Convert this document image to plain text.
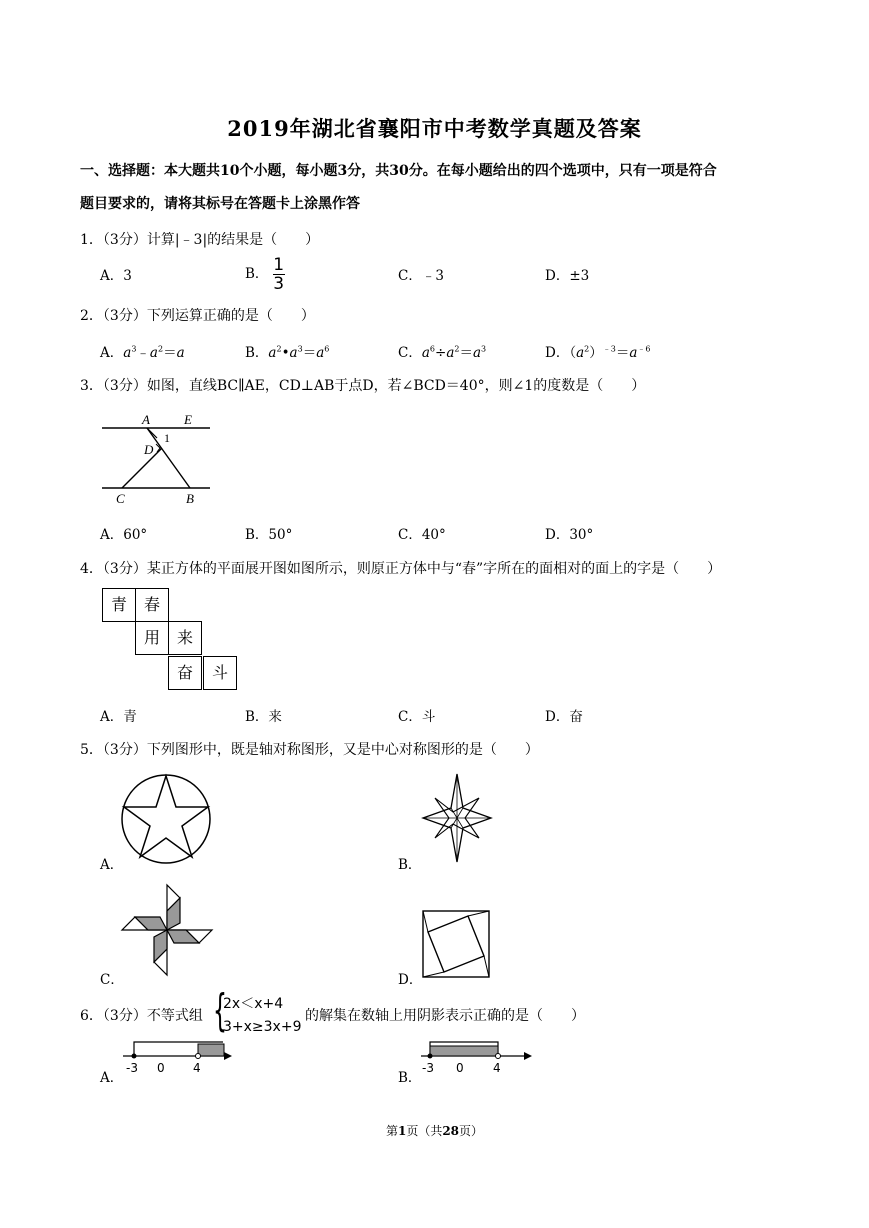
2019年湖北省襄阳市中考数学真题及答案
一、选择题：本大题共10个小题，每小题3分，共30分。在每小题给出的四个选项中，只有一项是符合
题目要求的，请将其标号在答题卡上涂黑作答
1．（3分）计算|﹣3|的结果是（　　）
A．3	B． $\frac{1}{3}$	C．﹣3	D．±3
2．（3分）下列运算正确的是（　　）
A．$a^3﹣a^2=a$	B．$a^2•a^3=a^6$	C．$a^6\div a^2=a^3$	D．$(a^2)^{﹣3}=a^{﹣6}$
3．（3分）如图，直线BC∥AE，CD⊥AB于点D，若∠BCD＝40°，则∠1的度数是（　　）
A	E
1
D
C	B
A．60°	B．50°	C．40°	D．30°
4．（3分）某正方体的平面展开图如图所示，则原正方体中与“春”字所在的面相对的面上的字是（　　）
青	春
用	来
奋	斗
A．青	B．来	C．斗	D．奋
5．（3分）下列图形中，既是轴对称图形，又是中心对称图形的是（　　）
A．	B．
C．	D．
6．（3分）不等式组 {
2x＜x+4
3+x≥3x+9
的解集在数轴上用阴影表示正确的是（　　）
A．
-3 0 4
B．
-3 0 4
第1页（共28页）
